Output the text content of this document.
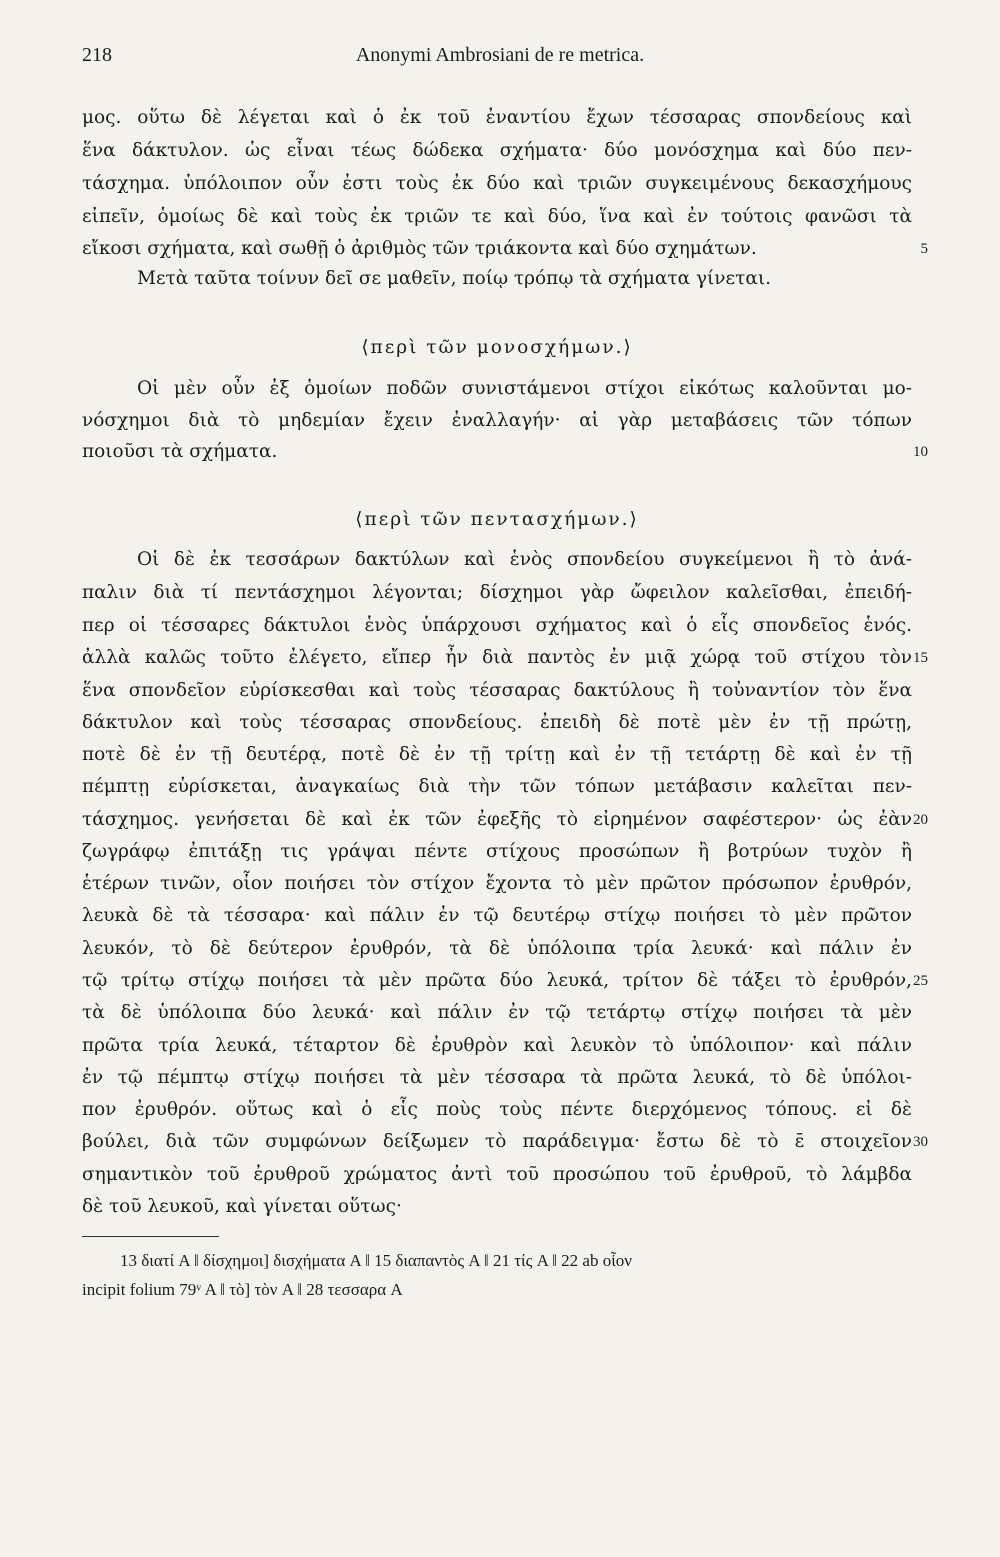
218	Anonymi Ambrosiani de re metrica.
μος. οὕτω δὲ λέγεται καὶ ὁ ἐκ τοῦ ἐναντίου ἔχων τέσσαρας σπονδείους καὶ
ἕνα δάκτυλον. ὡς εἶναι τέως δώδεκα σχήματα· δύο μονόσχημα καὶ δύο πεν-
τάσχημα. ὑπόλοιπον οὖν ἐστι τοὺς ἐκ δύο καὶ τριῶν συγκειμένους δεκασχήμους
εἰπεῖν, ὁμοίως δὲ καὶ τοὺς ἐκ τριῶν τε καὶ δύο, ἵνα καὶ ἐν τούτοις φανῶσι τὰ
εἴκοσι σχήματα, καὶ σωθῇ ὁ ἀριθμὸς τῶν τριάκοντα καὶ δύο σχημάτων.
Μετὰ ταῦτα τοίνυν δεῖ σε μαθεῖν, ποίῳ τρόπῳ τὰ σχήματα γίνεται.
⟨περὶ τῶν μονοσχήμων.⟩
Οἱ μὲν οὖν ἐξ ὁμοίων ποδῶν συνιστάμενοι στίχοι εἰκότως καλοῦνται μο-
νόσχημοι διὰ τὸ μηδεμίαν ἔχειν ἐναλλαγήν· αἱ γὰρ μεταβάσεις τῶν τόπων
ποιοῦσι τὰ σχήματα.
⟨περὶ τῶν πεντασχήμων.⟩
Οἱ δὲ ἐκ τεσσάρων δακτύλων καὶ ἑνὸς σπονδείου συγκείμενοι ἢ τὸ ἀνά-
παλιν διὰ τί πεντάσχημοι λέγονται; δίσχημοι γὰρ ὤφειλον καλεῖσθαι, ἐπειδή-
περ οἱ τέσσαρες δάκτυλοι ἑνὸς ὑπάρχουσι σχήματος καὶ ὁ εἷς σπονδεῖος ἑνός.
ἀλλὰ καλῶς τοῦτο ἐλέγετο, εἴπερ ἦν διὰ παντὸς ἐν μιᾷ χώρᾳ τοῦ στίχου τὸν
ἕνα σπονδεῖον εὑρίσκεσθαι καὶ τοὺς τέσσαρας δακτύλους ἢ τοὐναντίον τὸν ἕνα
δάκτυλον καὶ τοὺς τέσσαρας σπονδείους. ἐπειδὴ δὲ ποτὲ μὲν ἐν τῇ πρώτῃ,
ποτὲ δὲ ἐν τῇ δευτέρᾳ, ποτὲ δὲ ἐν τῇ τρίτῃ καὶ ἐν τῇ τετάρτῃ δὲ καὶ ἐν τῇ
πέμπτῃ εὑρίσκεται, ἀναγκαίως διὰ τὴν τῶν τόπων μετάβασιν καλεῖται πεν-
τάσχημος. γενήσεται δὲ καὶ ἐκ τῶν ἐφεξῆς τὸ εἰρημένον σαφέστερον· ὡς ἐὰν
ζωγράφῳ ἐπιτάξῃ τις γράψαι πέντε στίχους προσώπων ἢ βοτρύων τυχὸν ἢ
ἑτέρων τινῶν, οἷον ποιήσει τὸν στίχον ἔχοντα τὸ μὲν πρῶτον πρόσωπον ἐρυθρόν,
λευκὰ δὲ τὰ τέσσαρα· καὶ πάλιν ἐν τῷ δευτέρῳ στίχῳ ποιήσει τὸ μὲν πρῶτον
λευκόν, τὸ δὲ δεύτερον ἐρυθρόν, τὰ δὲ ὑπόλοιπα τρία λευκά· καὶ πάλιν ἐν
τῷ τρίτῳ στίχῳ ποιήσει τὰ μὲν πρῶτα δύο λευκά, τρίτον δὲ τάξει τὸ ἐρυθρόν,
τὰ δὲ ὑπόλοιπα δύο λευκά· καὶ πάλιν ἐν τῷ τετάρτῳ στίχῳ ποιήσει τὰ μὲν
πρῶτα τρία λευκά, τέταρτον δὲ ἐρυθρὸν καὶ λευκὸν τὸ ὑπόλοιπον· καὶ πάλιν
ἐν τῷ πέμπτῳ στίχῳ ποιήσει τὰ μὲν τέσσαρα τὰ πρῶτα λευκά, τὸ δὲ ὑπόλοι-
πον ἐρυθρόν. οὕτως καὶ ὁ εἷς ποὺς τοὺς πέντε διερχόμενος τόπους. εἰ δὲ
βούλει, διὰ τῶν συμφώνων δείξωμεν τὸ παράδειγμα· ἔστω δὲ τὸ ε̄ στοιχεῖον
σημαντικὸν τοῦ ἐρυθροῦ χρώματος ἀντὶ τοῦ προσώπου τοῦ ἐρυθροῦ, τὸ λάμβδα
δὲ τοῦ λευκοῦ, καὶ γίνεται οὕτως·
5
10
15
20
25
30
13 διατί A ‖ δίσχημοι] δισχήματα A ‖ 15 διαπαντὸς A ‖ 21 τίς A ‖ 22 ab οἷον
incipit folium 79ᵛ A ‖ τὸ] τὸν A ‖ 28 τεσσαρα A
